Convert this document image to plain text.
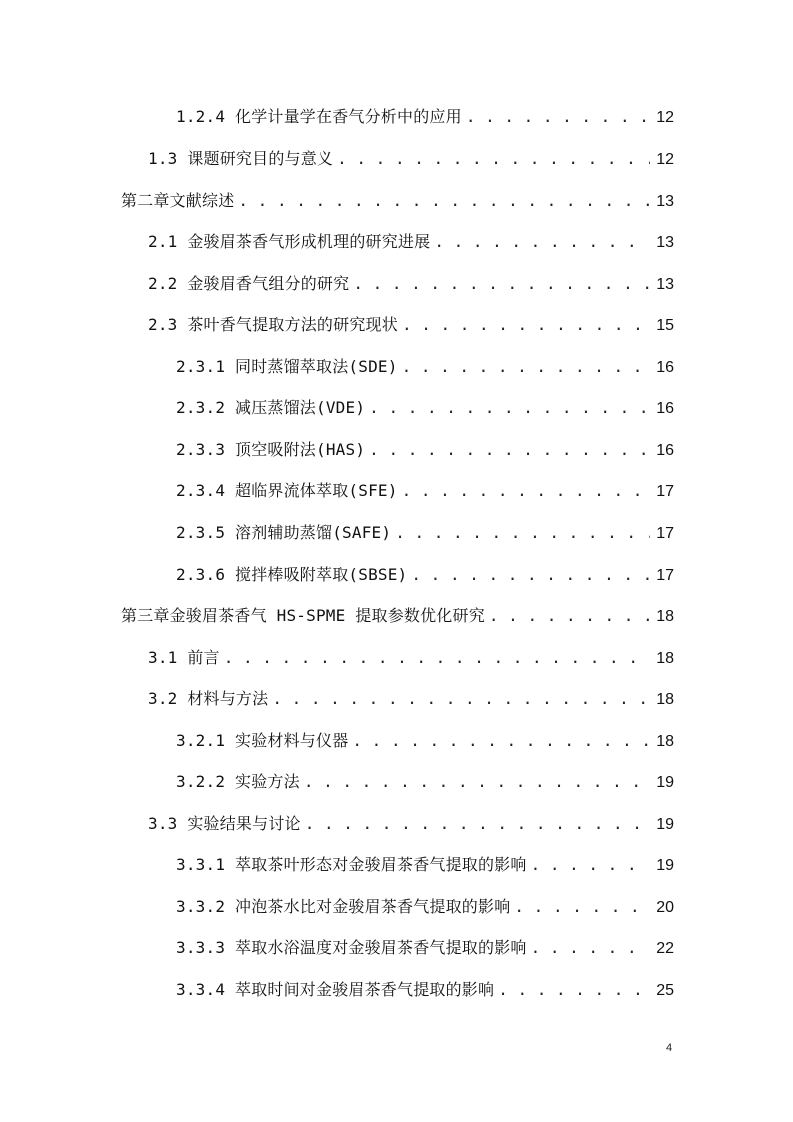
1.2.4 化学计量学在香气分析中的应用 . . .	12
1.3 课题研究目的与意义 . . .	12
第二章文献综述 . . .	13
2.1 金骏眉茶香气形成机理的研究进展 . . .	13
2.2 金骏眉香气组分的研究 . . .	13
2.3 茶叶香气提取方法的研究现状 . . .	15
2.3.1 同时蒸馏萃取法(SDE) . . .	16
2.3.2 减压蒸馏法(VDE) . . .	16
2.3.3 顶空吸附法(HAS) . . .	16
2.3.4 超临界流体萃取(SFE) . . .	17
2.3.5 溶剂辅助蒸馏(SAFE) . . .	17
2.3.6 搅拌棒吸附萃取(SBSE) . . .	17
第三章金骏眉茶香气 HS-SPME 提取参数优化研究 . . .	18
3.1 前言 . . .	18
3.2 材料与方法 . . .	18
3.2.1 实验材料与仪器 . . .	18
3.2.2 实验方法 . . .	19
3.3 实验结果与讨论 . . .	19
3.3.1 萃取茶叶形态对金骏眉茶香气提取的影响 . . .	19
3.3.2 冲泡茶水比对金骏眉茶香气提取的影响 . . .	20
3.3.3 萃取水浴温度对金骏眉茶香气提取的影响 . . .	22
3.3.4 萃取时间对金骏眉茶香气提取的影响 . . .	25
4
